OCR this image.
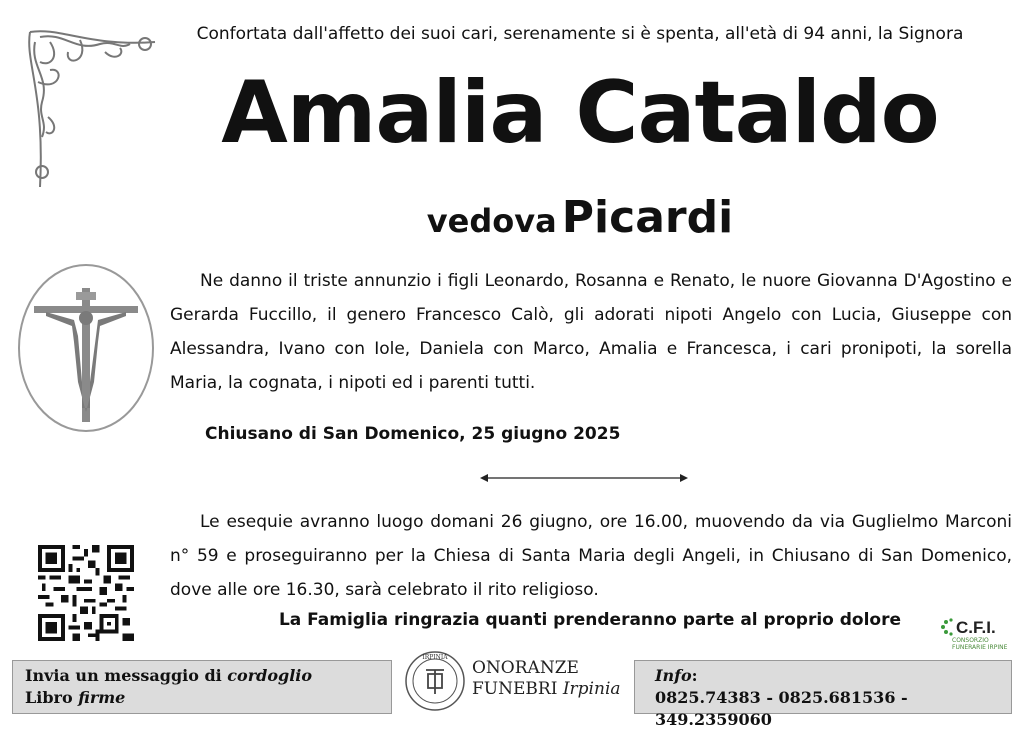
Confortata dall'affetto dei suoi cari, serenamente si è spenta, all'età di 94 anni, la Signora
Amalia Cataldo
vedova Picardi

Ne danno il triste annunzio i figli Leonardo, Rosanna e Renato, le nuore Giovanna D'Agostino e Gerarda Fuccillo, il genero Francesco Calò, gli adorati nipoti Angelo con Lucia, Giuseppe con Alessandra, Ivano con Iole, Daniela con Marco, Amalia e Francesca, i cari pronipoti, la sorella Maria, la cognata, i nipoti ed i parenti tutti.

Chiusano di San Domenico, 25 giugno 2025

Le esequie avranno luogo domani 26 giugno, ore 16.00, muovendo da via Guglielmo Marconi n° 59 e proseguiranno per la Chiesa di Santa Maria degli Angeli, in Chiusano di San Domenico, dove alle ore 16.30, sarà celebrato il rito religioso.

La Famiglia ringrazia quanti prenderanno parte al proprio dolore	C.F.I.
CONSORZIO FUNERARIE IRPINE
Invia un messaggio di cordoglio
Libro firme
IRPINIA
ONORANZE
FUNEBRI Irpinia
Info:
0825.74383 - 0825.681536 - 349.2359060
